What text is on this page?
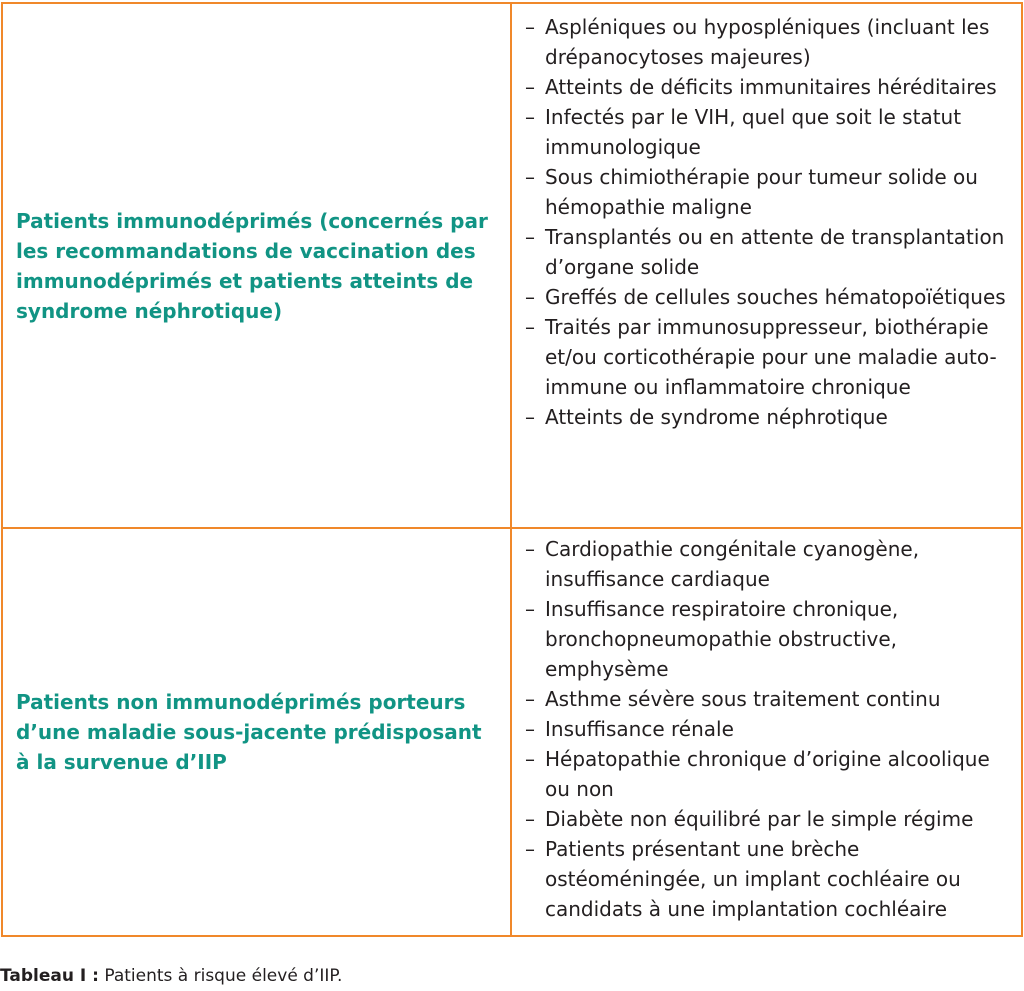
Patients immunodéprimés (concernés par les recommandations de vaccination des immunodéprimés et patients atteints de syndrome néphrotique)

– Aspléniques ou hypospléniques (incluant les drépanocytoses majeures)
– Atteints de déficits immunitaires héréditaires
– Infectés par le VIH, quel que soit le statut immunologique
– Sous chimiothérapie pour tumeur solide ou hémopathie maligne
– Transplantés ou en attente de transplantation d’organe solide
– Greffés de cellules souches hématopoïétiques
– Traités par immunosuppresseur, biothérapie et/ou corticothérapie pour une maladie auto-immune ou inflammatoire chronique
– Atteints de syndrome néphrotique

Patients non immunodéprimés porteurs d’une maladie sous-jacente prédisposant à la survenue d’IIP

– Cardiopathie congénitale cyanogène, insuffisance cardiaque
– Insuffisance respiratoire chronique, bronchopneumopathie obstructive, emphysème
– Asthme sévère sous traitement continu
– Insuffisance rénale
– Hépatopathie chronique d’origine alcoolique ou non
– Diabète non équilibré par le simple régime
– Patients présentant une brèche ostéoméningée, un implant cochléaire ou candidats à une implantation cochléaire

Tableau I : Patients à risque élevé d’IIP.
